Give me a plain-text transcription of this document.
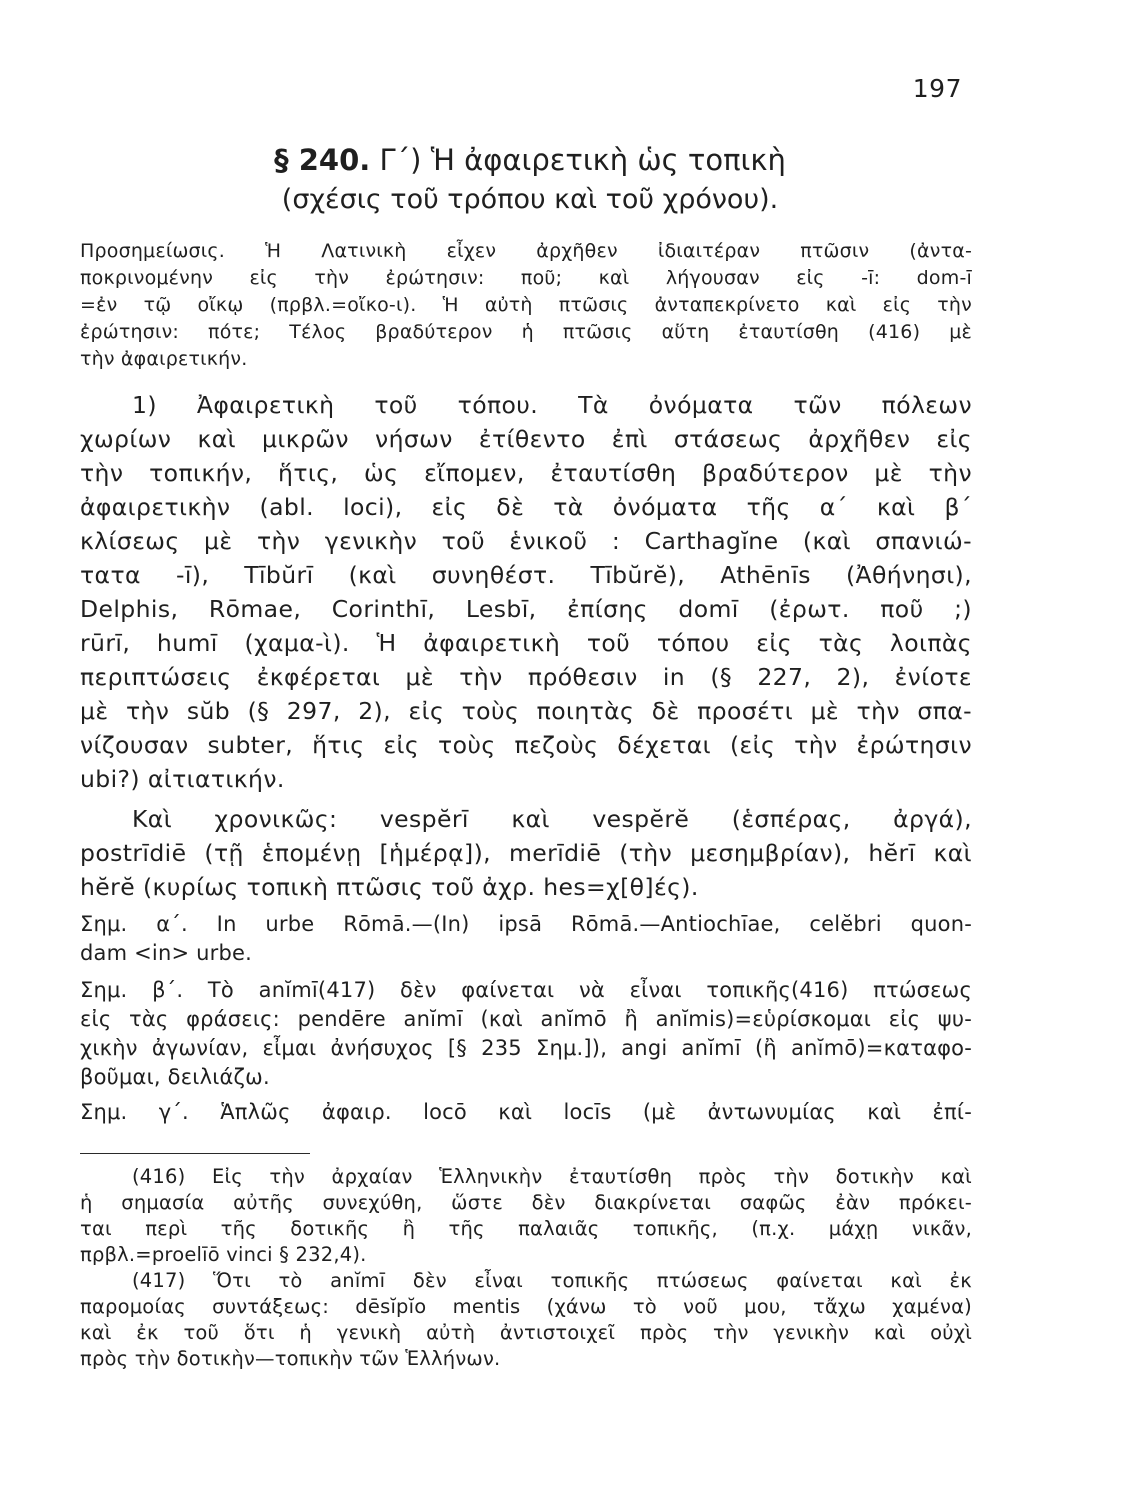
197
§ 240. Γ΄) Ἡ ἀφαιρετικὴ ὡς τοπικὴ
(σχέσις τοῦ τρόπου καὶ τοῦ χρόνου).
Προσημείωσις. Ἡ Λατινικὴ εἶχεν ἀρχῆθεν ἰδιαιτέραν πτῶσιν (ἀντα-
ποκρινομένην εἰς τὴν ἐρώτησιν: ποῦ; καὶ λήγουσαν εἰς -ī: dom-ī
=ἐν τῷ οἴκῳ (πρβλ.=οἴκο-ι). Ἡ αὐτὴ πτῶσις ἀνταπεκρίνετο καὶ εἰς τὴν
ἐρώτησιν: πότε; Τέλος βραδύτερον ἡ πτῶσις αὕτη ἐταυτίσθη (416) μὲ
τὴν ἀφαιρετικήν.
1) Ἀφαιρετικὴ τοῦ τόπου. Τὰ ὀνόματα τῶν πόλεων
χωρίων καὶ μικρῶν νήσων ἐτίθεντο ἐπὶ στάσεως ἀρχῆθεν εἰς
τὴν τοπικήν, ἥτις, ὡς εἴπομεν, ἐταυτίσθη βραδύτερον μὲ τὴν
ἀφαιρετικὴν (abl. loci), εἰς δὲ τὰ ὀνόματα τῆς α΄ καὶ β΄
κλίσεως μὲ τὴν γενικὴν τοῦ ἑνικοῦ : Carthagĭne (καὶ σπανιώ-
τατα -ī), Tībŭrī (καὶ συνηθέστ. Tībŭrĕ), Athēnīs (Ἀθήνησι),
Delphis, Rōmae, Corinthī, Lesbī, ἐπίσης domī (ἐρωτ. ποῦ ;)
rūrī, humī (χαμα-ὶ). Ἡ ἀφαιρετικὴ τοῦ τόπου εἰς τὰς λοιπὰς
περιπτώσεις ἐκφέρεται μὲ τὴν πρόθεσιν in (§ 227, 2), ἐνίοτε
μὲ τὴν sŭb (§ 297, 2), εἰς τοὺς ποιητὰς δὲ προσέτι μὲ τὴν σπα-
νίζουσαν subter, ἥτις εἰς τοὺς πεζοὺς δέχεται (εἰς τὴν ἐρώτησιν
ubi?) αἰτιατικήν.
Καὶ χρονικῶς: vespĕrī καὶ vespĕrĕ (ἑσπέρας, ἀργά),
postrīdiē (τῇ ἑπομένῃ [ἡμέρᾳ]), merīdiē (τὴν μεσημβρίαν), hĕrī καὶ
hĕrĕ (κυρίως τοπικὴ πτῶσις τοῦ ἀχρ. hes=χ[θ]ές).
Σημ. α΄. In urbe Rōmā.—(In) ipsā Rōmā.—Antiochīae, celĕbri quon-
dam <in> urbe.
Σημ. β΄. Τὸ anĭmī(417) δὲν φαίνεται νὰ εἶναι τοπικῆς(416) πτώσεως
εἰς τὰς φράσεις: pendēre anĭmī (καὶ anĭmō ἢ anĭmis)=εὑρίσκομαι εἰς ψυ-
χικὴν ἀγωνίαν, εἶμαι ἀνήσυχος [§ 235 Σημ.]), angi anĭmī (ἢ anĭmō)=καταφο-
βοῦμαι, δειλιάζω.
Σημ. γ΄. Ἁπλῶς ἀφαιρ. locō καὶ locīs (μὲ ἀντωνυμίας καὶ ἐπί-
(416) Εἰς τὴν ἀρχαίαν Ἑλληνικὴν ἐταυτίσθη πρὸς τὴν δοτικὴν καὶ
ἡ σημασία αὐτῆς συνεχύθη, ὥστε δὲν διακρίνεται σαφῶς ἐὰν πρόκει-
ται περὶ τῆς δοτικῆς ἢ τῆς παλαιᾶς τοπικῆς, (π.χ. μάχῃ νικᾶν,
πρβλ.=proelīō vinci § 232,4).
(417) Ὅτι τὸ anĭmī δὲν εἶναι τοπικῆς πτώσεως φαίνεται καὶ ἐκ
παρομοίας συντάξεως: dēsĭpĭo mentis (χάνω τὸ νοῦ μου, τἄχω χαμένα)
καὶ ἐκ τοῦ ὅτι ἡ γενικὴ αὐτὴ ἀντιστοιχεῖ πρὸς τὴν γενικὴν καὶ οὐχὶ
πρὸς τὴν δοτικὴν—τοπικὴν τῶν Ἑλλήνων.
